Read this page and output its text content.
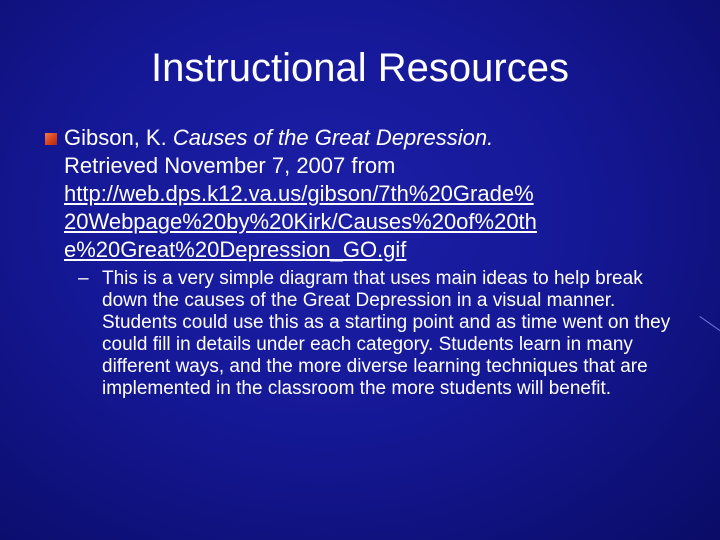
Instructional Resources
Gibson, K. Causes of the Great Depression.
Retrieved November 7, 2007 from
http://web.dps.k12.va.us/gibson/7th%20Grade%
20Webpage%20by%20Kirk/Causes%20of%20th
e%20Great%20Depression_GO.gif
– This is a very simple diagram that uses main ideas to help break down the causes of the Great Depression in a visual manner. Students could use this as a starting point and as time went on they could fill in details under each category. Students learn in many different ways, and the more diverse learning techniques that are implemented in the classroom the more students will benefit.
